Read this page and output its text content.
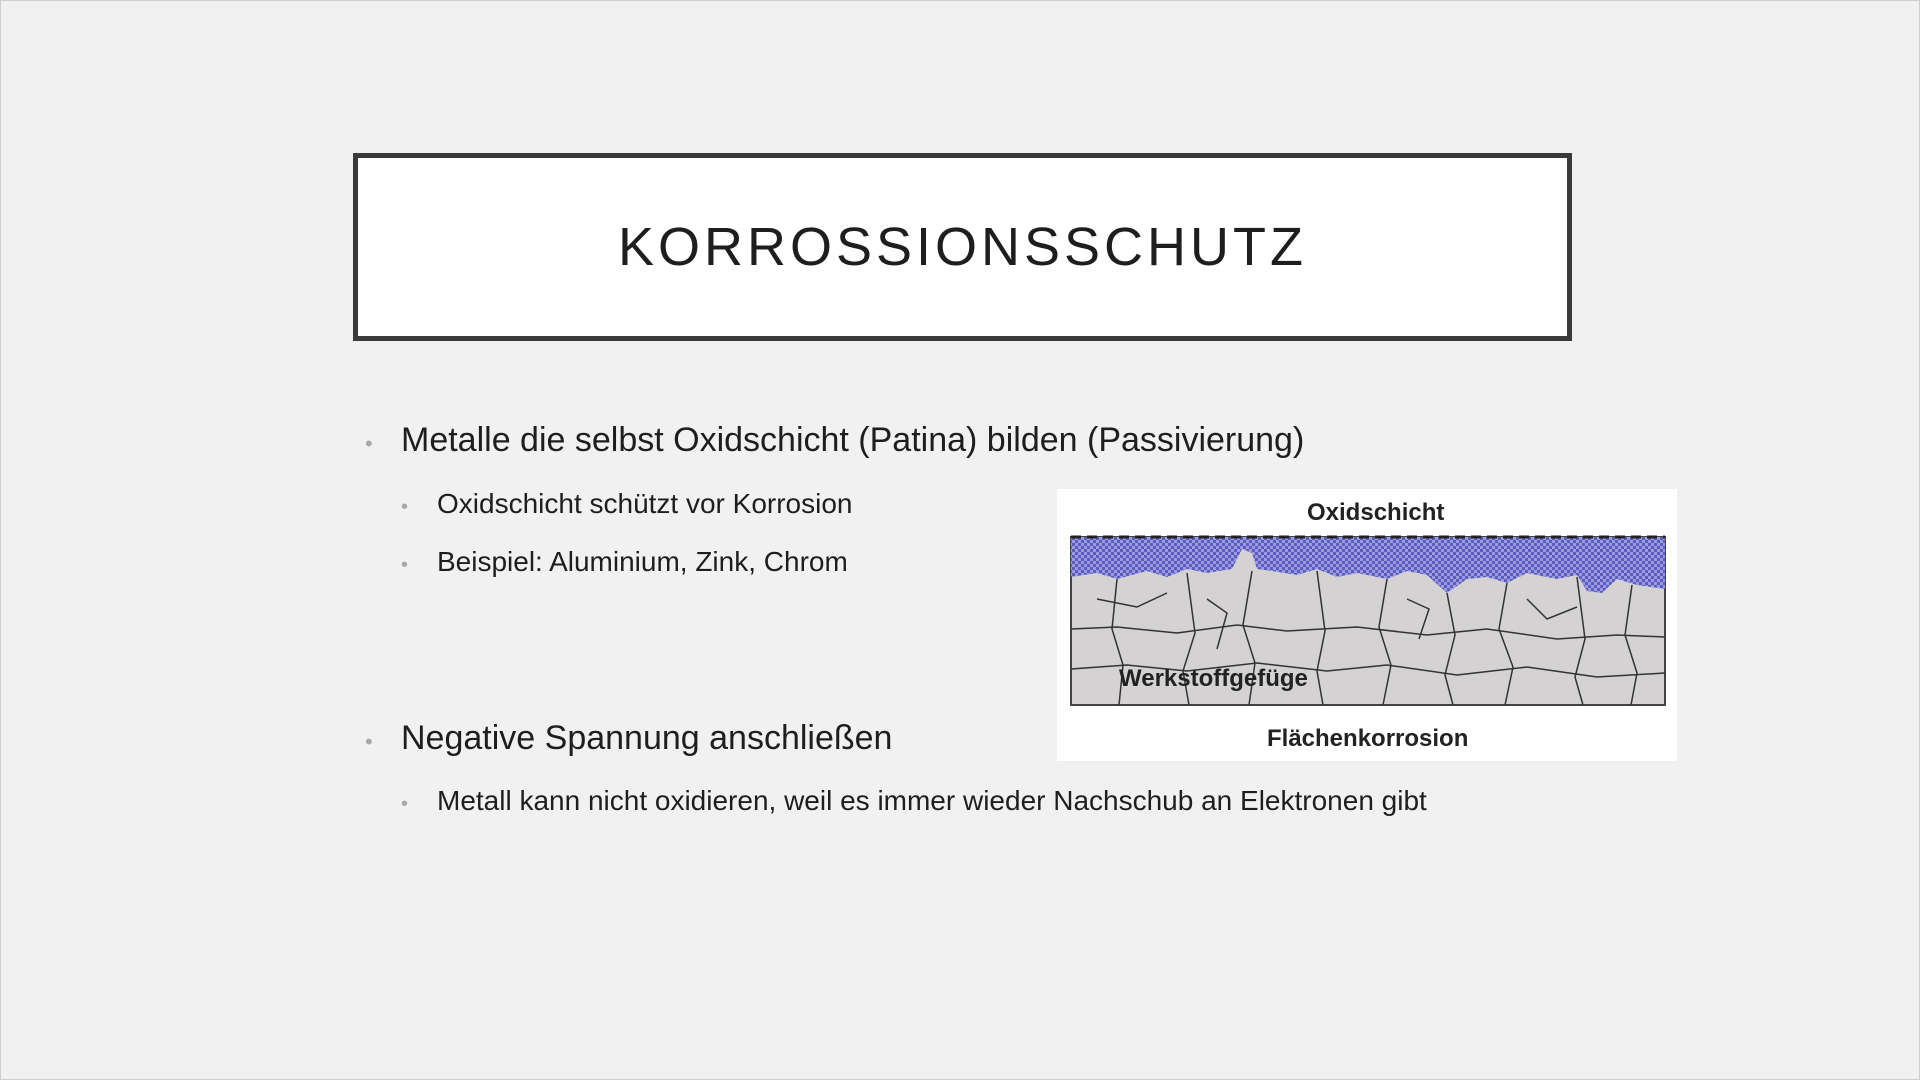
KORROSSIONSSCHUTZ
• Metalle die selbst Oxidschicht (Patina) bilden (Passivierung)
•	Oxidschicht schützt vor Korrosion
•	Beispiel: Aluminium, Zink, Chrom
• Negative Spannung anschließen
•	Metall kann nicht oxidieren, weil es immer wieder Nachschub an Elektronen gibt
Oxidschicht
Werkstoffgefüge
Flächenkorrosion
